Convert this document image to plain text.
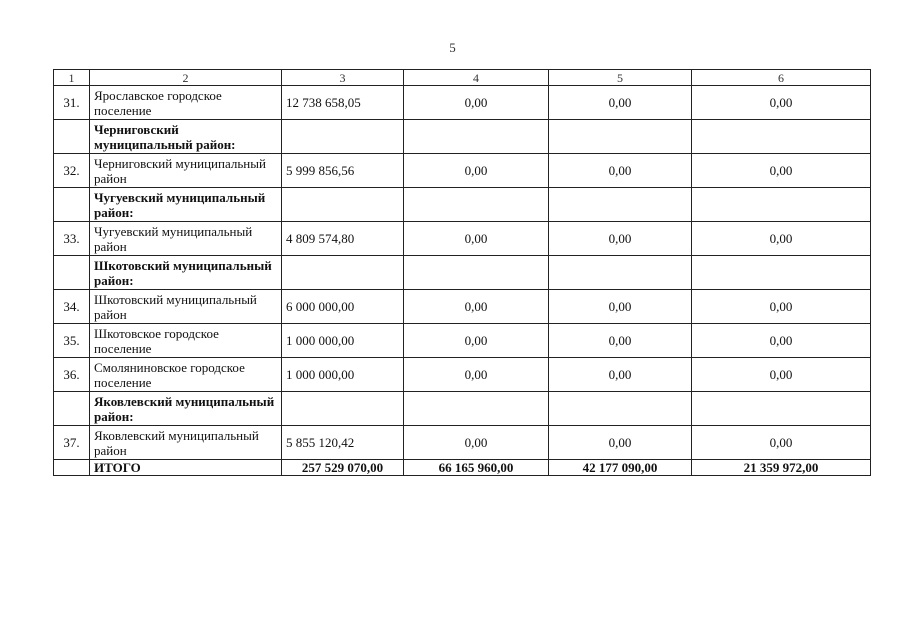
5
1	2	3	4	5	6
31.	Ярославское городское поселение	12 738 658,05	0,00	0,00	0,00
	Черниговский муниципальный район:				
32.	Черниговский муниципальный район	5 999 856,56	0,00	0,00	0,00
	Чугуевский муниципальный район:				
33.	Чугуевский муниципальный район	4 809 574,80	0,00	0,00	0,00
	Шкотовский муниципальный район:				
34.	Шкотовский муниципальный район	6 000 000,00	0,00	0,00	0,00
35.	Шкотовское городское поселение	1 000 000,00	0,00	0,00	0,00
36.	Смоляниновское городское поселение	1 000 000,00	0,00	0,00	0,00
	Яковлевский муниципальный район:				
37.	Яковлевский муниципальный район	5 855 120,42	0,00	0,00	0,00
	ИТОГО	257 529 070,00	66 165 960,00	42 177 090,00	21 359 972,00
